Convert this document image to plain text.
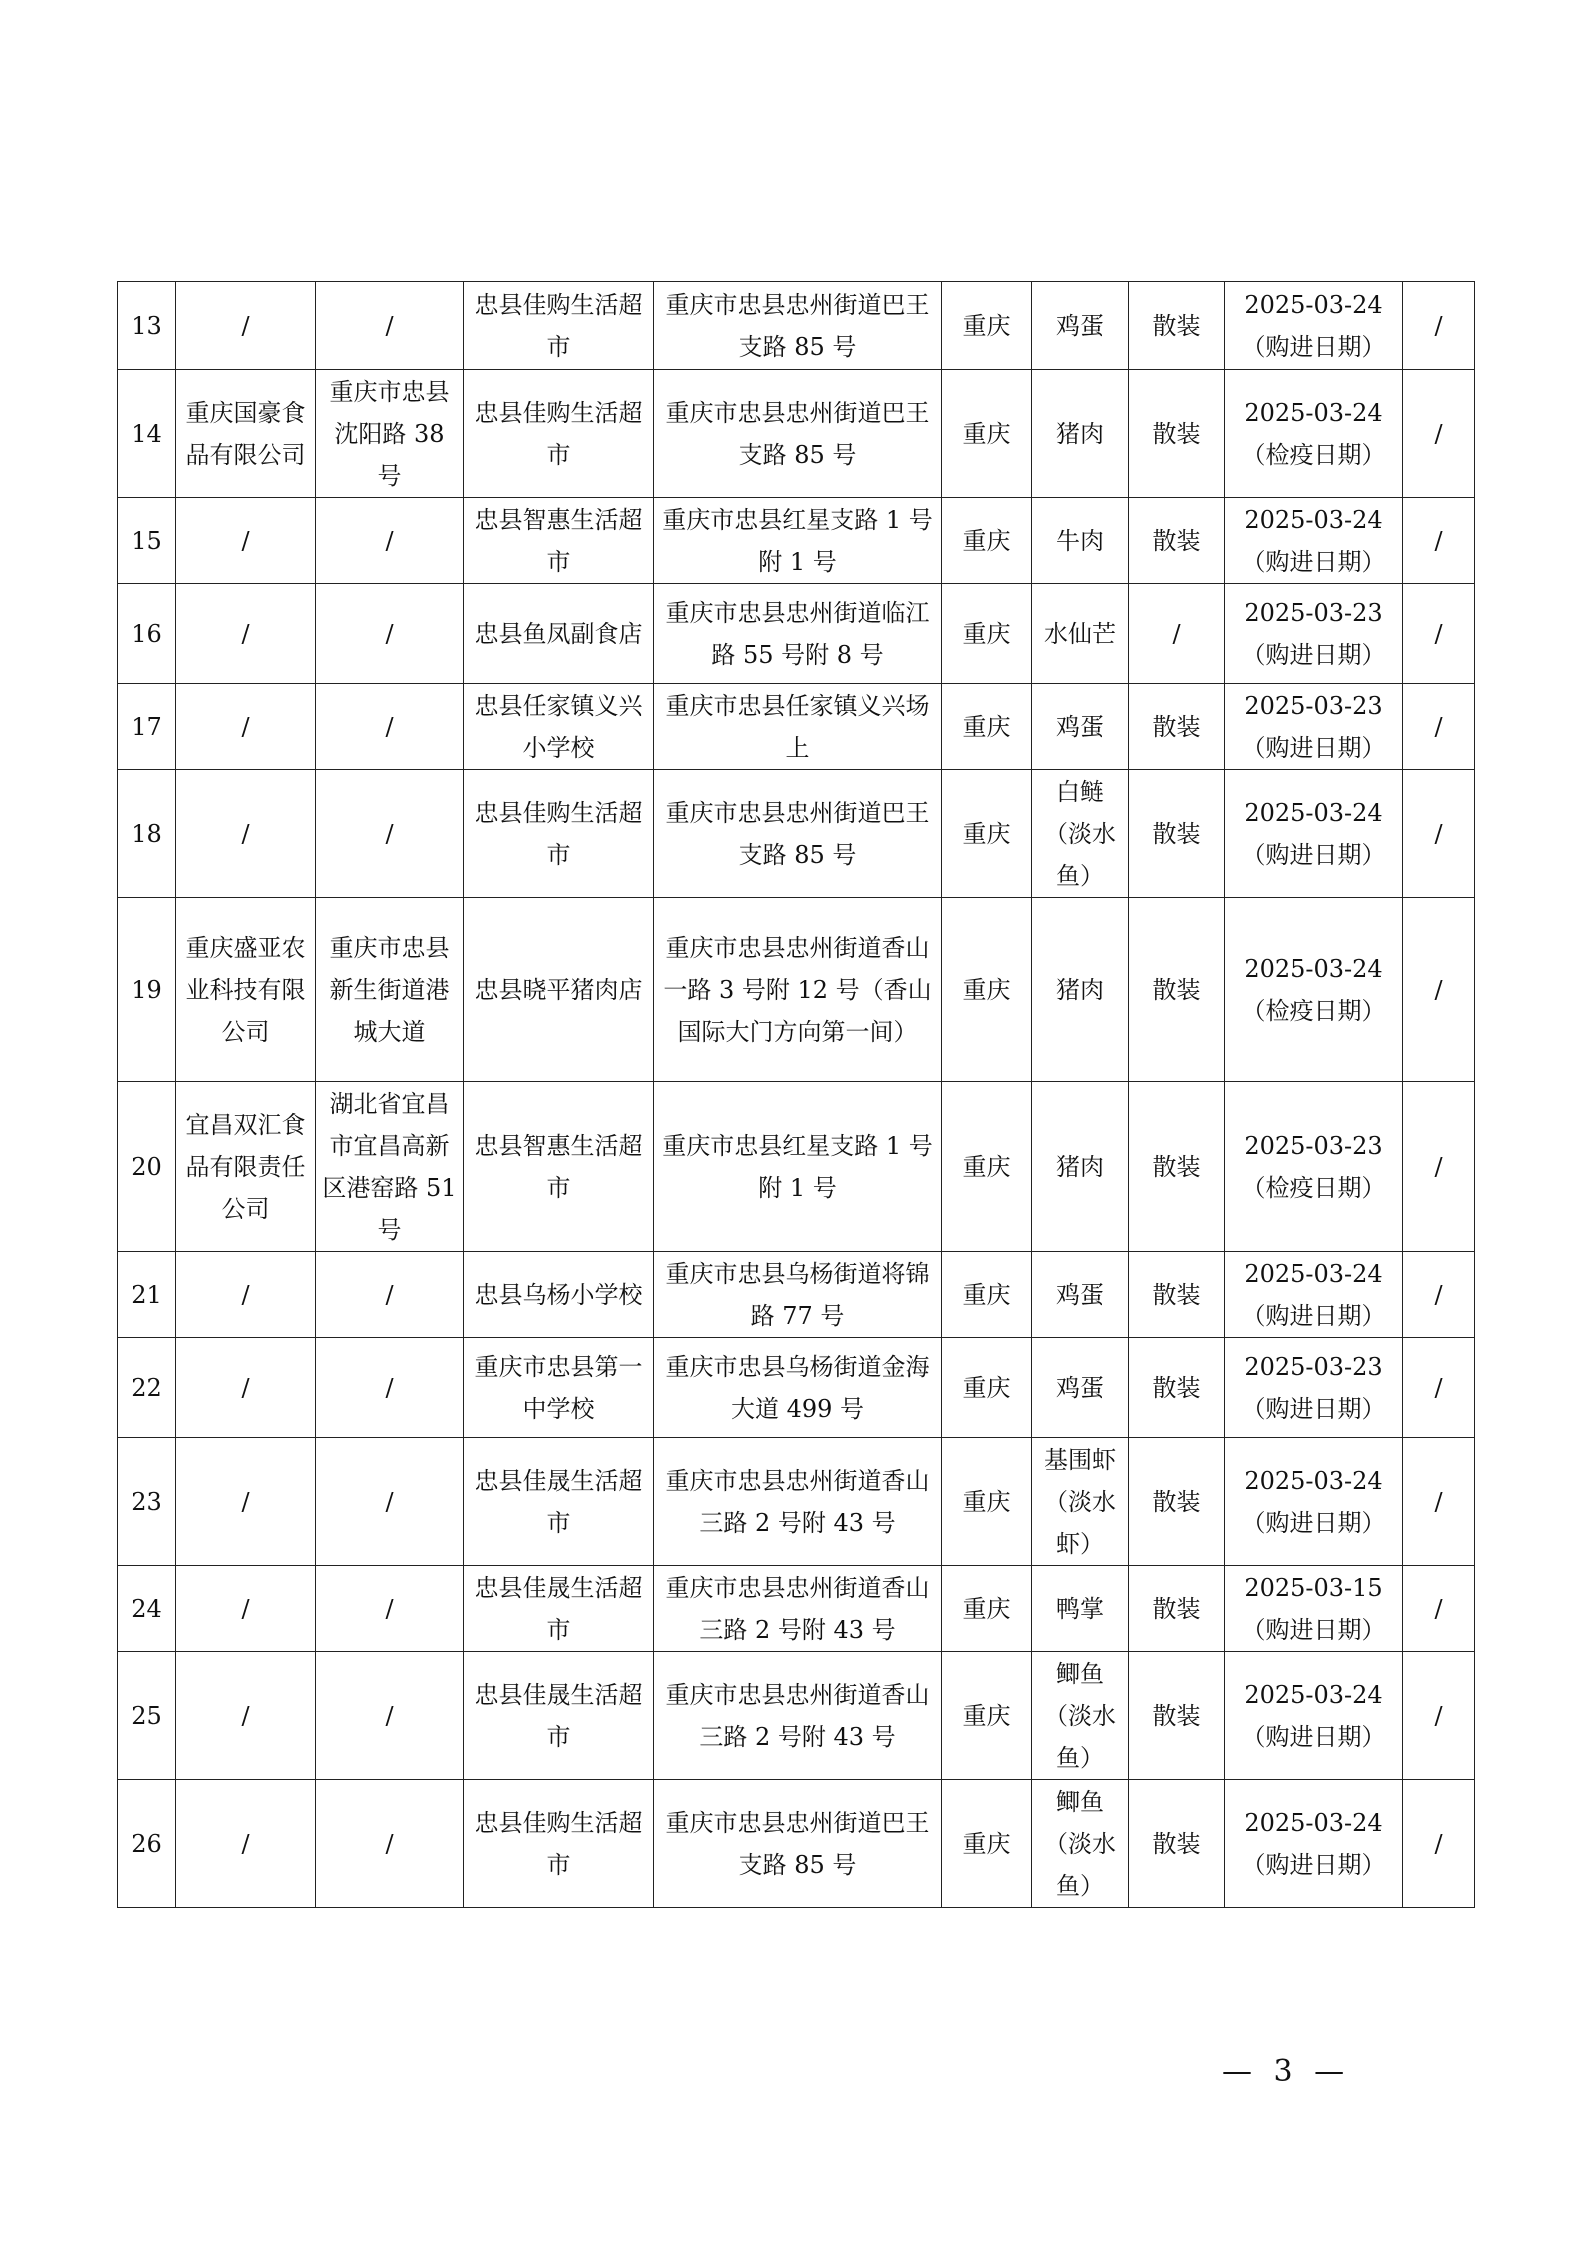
13	/	/	忠县佳购生活超市	重庆市忠县忠州街道巴王支路 85 号	重庆	鸡蛋	散装	2025-03-24（购进日期）	/
14	重庆国豪食品有限公司	重庆市忠县沈阳路 38 号	忠县佳购生活超市	重庆市忠县忠州街道巴王支路 85 号	重庆	猪肉	散装	2025-03-24（检疫日期）	/
15	/	/	忠县智惠生活超市	重庆市忠县红星支路 1 号附 1 号	重庆	牛肉	散装	2025-03-24（购进日期）	/
16	/	/	忠县鱼凤副食店	重庆市忠县忠州街道临江路 55 号附 8 号	重庆	水仙芒	/	2025-03-23（购进日期）	/
17	/	/	忠县任家镇义兴小学校	重庆市忠县任家镇义兴场上	重庆	鸡蛋	散装	2025-03-23（购进日期）	/
18	/	/	忠县佳购生活超市	重庆市忠县忠州街道巴王支路 85 号	重庆	白鲢（淡水鱼）	散装	2025-03-24（购进日期）	/
19	重庆盛亚农业科技有限公司	重庆市忠县新生街道港城大道	忠县晓平猪肉店	重庆市忠县忠州街道香山一路 3 号附 12 号（香山国际大门方向第一间）	重庆	猪肉	散装	2025-03-24（检疫日期）	/
20	宜昌双汇食品有限责任公司	湖北省宜昌市宜昌高新区港窑路 51 号	忠县智惠生活超市	重庆市忠县红星支路 1 号附 1 号	重庆	猪肉	散装	2025-03-23（检疫日期）	/
21	/	/	忠县乌杨小学校	重庆市忠县乌杨街道将锦路 77 号	重庆	鸡蛋	散装	2025-03-24（购进日期）	/
22	/	/	重庆市忠县第一中学校	重庆市忠县乌杨街道金海大道 499 号	重庆	鸡蛋	散装	2025-03-23（购进日期）	/
23	/	/	忠县佳晟生活超市	重庆市忠县忠州街道香山三路 2 号附 43 号	重庆	基围虾（淡水虾）	散装	2025-03-24（购进日期）	/
24	/	/	忠县佳晟生活超市	重庆市忠县忠州街道香山三路 2 号附 43 号	重庆	鸭掌	散装	2025-03-15（购进日期）	/
25	/	/	忠县佳晟生活超市	重庆市忠县忠州街道香山三路 2 号附 43 号	重庆	鲫鱼（淡水鱼）	散装	2025-03-24（购进日期）	/
26	/	/	忠县佳购生活超市	重庆市忠县忠州街道巴王支路 85 号	重庆	鲫鱼（淡水鱼）	散装	2025-03-24（购进日期）	/
— 3 —
